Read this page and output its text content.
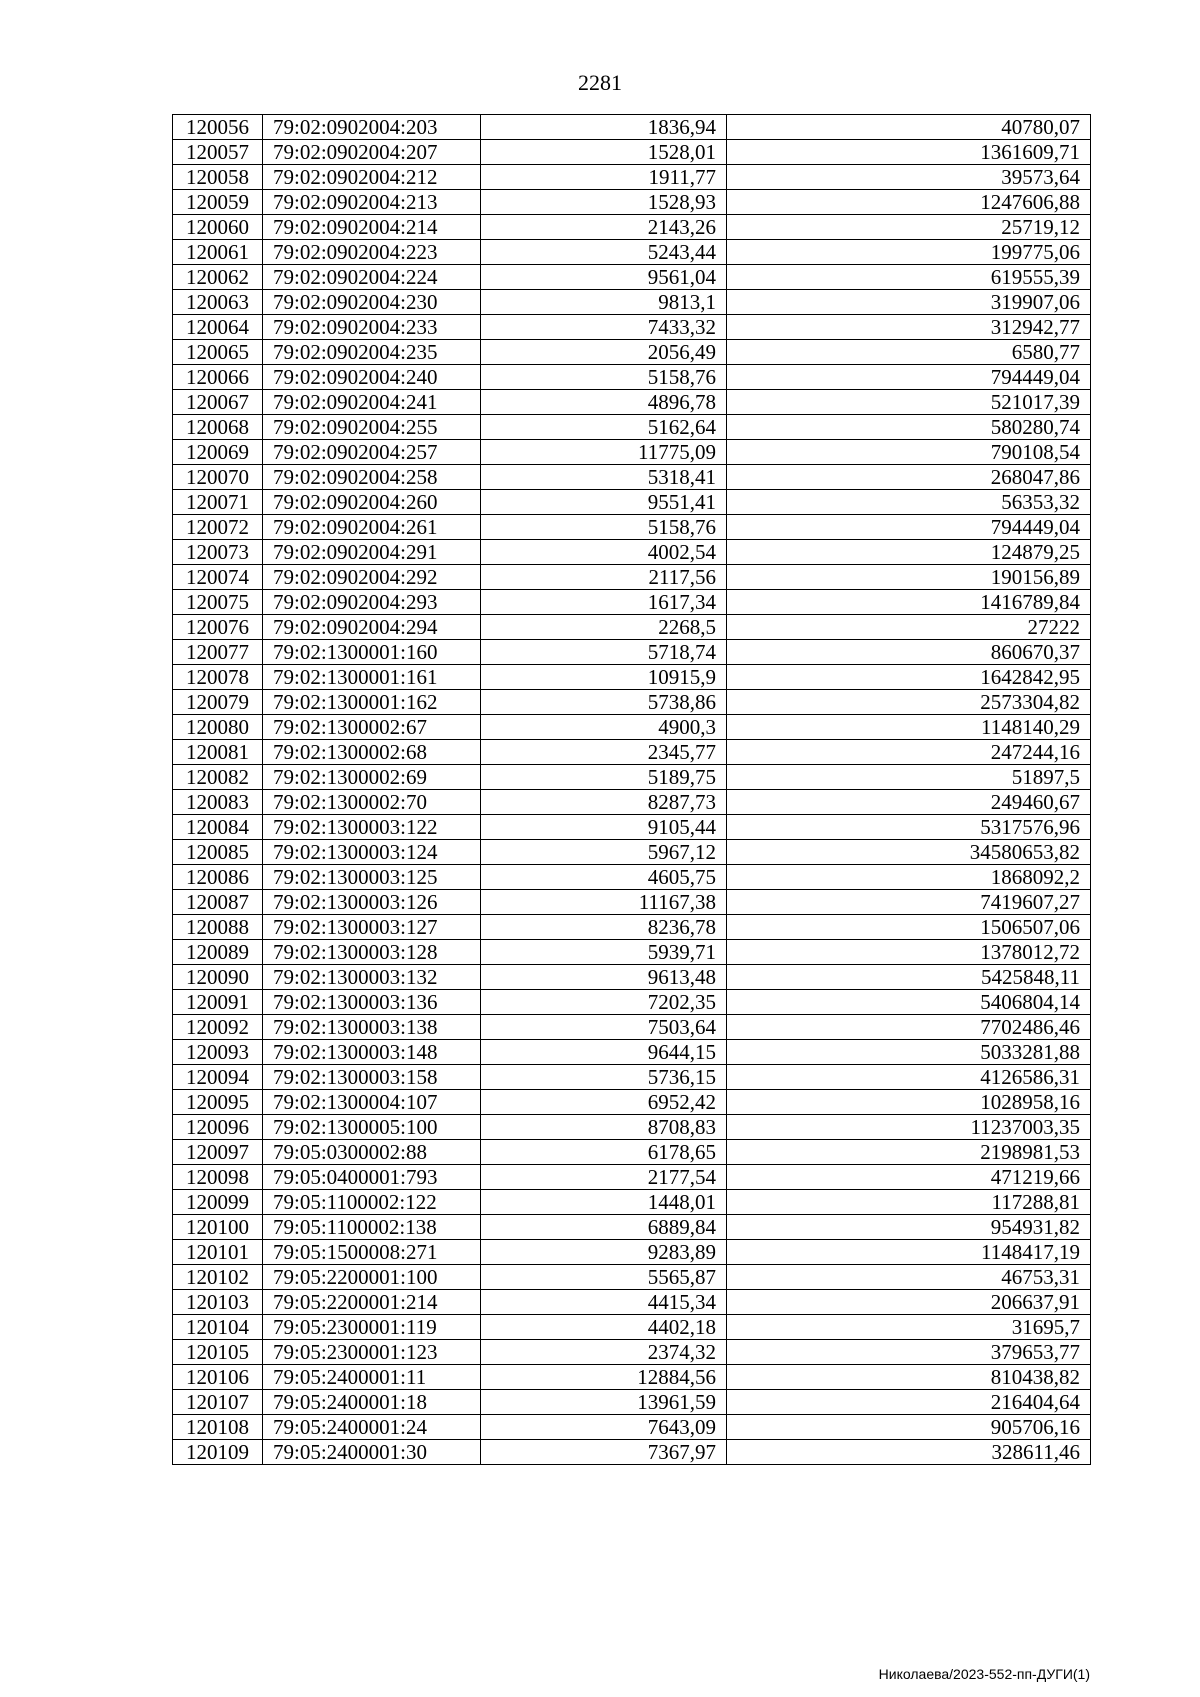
2281
120056	79:02:0902004:203	1836,94	40780,07
120057	79:02:0902004:207	1528,01	1361609,71
120058	79:02:0902004:212	1911,77	39573,64
120059	79:02:0902004:213	1528,93	1247606,88
120060	79:02:0902004:214	2143,26	25719,12
120061	79:02:0902004:223	5243,44	199775,06
120062	79:02:0902004:224	9561,04	619555,39
120063	79:02:0902004:230	9813,1	319907,06
120064	79:02:0902004:233	7433,32	312942,77
120065	79:02:0902004:235	2056,49	6580,77
120066	79:02:0902004:240	5158,76	794449,04
120067	79:02:0902004:241	4896,78	521017,39
120068	79:02:0902004:255	5162,64	580280,74
120069	79:02:0902004:257	11775,09	790108,54
120070	79:02:0902004:258	5318,41	268047,86
120071	79:02:0902004:260	9551,41	56353,32
120072	79:02:0902004:261	5158,76	794449,04
120073	79:02:0902004:291	4002,54	124879,25
120074	79:02:0902004:292	2117,56	190156,89
120075	79:02:0902004:293	1617,34	1416789,84
120076	79:02:0902004:294	2268,5	27222
120077	79:02:1300001:160	5718,74	860670,37
120078	79:02:1300001:161	10915,9	1642842,95
120079	79:02:1300001:162	5738,86	2573304,82
120080	79:02:1300002:67	4900,3	1148140,29
120081	79:02:1300002:68	2345,77	247244,16
120082	79:02:1300002:69	5189,75	51897,5
120083	79:02:1300002:70	8287,73	249460,67
120084	79:02:1300003:122	9105,44	5317576,96
120085	79:02:1300003:124	5967,12	34580653,82
120086	79:02:1300003:125	4605,75	1868092,2
120087	79:02:1300003:126	11167,38	7419607,27
120088	79:02:1300003:127	8236,78	1506507,06
120089	79:02:1300003:128	5939,71	1378012,72
120090	79:02:1300003:132	9613,48	5425848,11
120091	79:02:1300003:136	7202,35	5406804,14
120092	79:02:1300003:138	7503,64	7702486,46
120093	79:02:1300003:148	9644,15	5033281,88
120094	79:02:1300003:158	5736,15	4126586,31
120095	79:02:1300004:107	6952,42	1028958,16
120096	79:02:1300005:100	8708,83	11237003,35
120097	79:05:0300002:88	6178,65	2198981,53
120098	79:05:0400001:793	2177,54	471219,66
120099	79:05:1100002:122	1448,01	117288,81
120100	79:05:1100002:138	6889,84	954931,82
120101	79:05:1500008:271	9283,89	1148417,19
120102	79:05:2200001:100	5565,87	46753,31
120103	79:05:2200001:214	4415,34	206637,91
120104	79:05:2300001:119	4402,18	31695,7
120105	79:05:2300001:123	2374,32	379653,77
120106	79:05:2400001:11	12884,56	810438,82
120107	79:05:2400001:18	13961,59	216404,64
120108	79:05:2400001:24	7643,09	905706,16
120109	79:05:2400001:30	7367,97	328611,46
Николаева/2023-552-пп-ДУГИ(1)
